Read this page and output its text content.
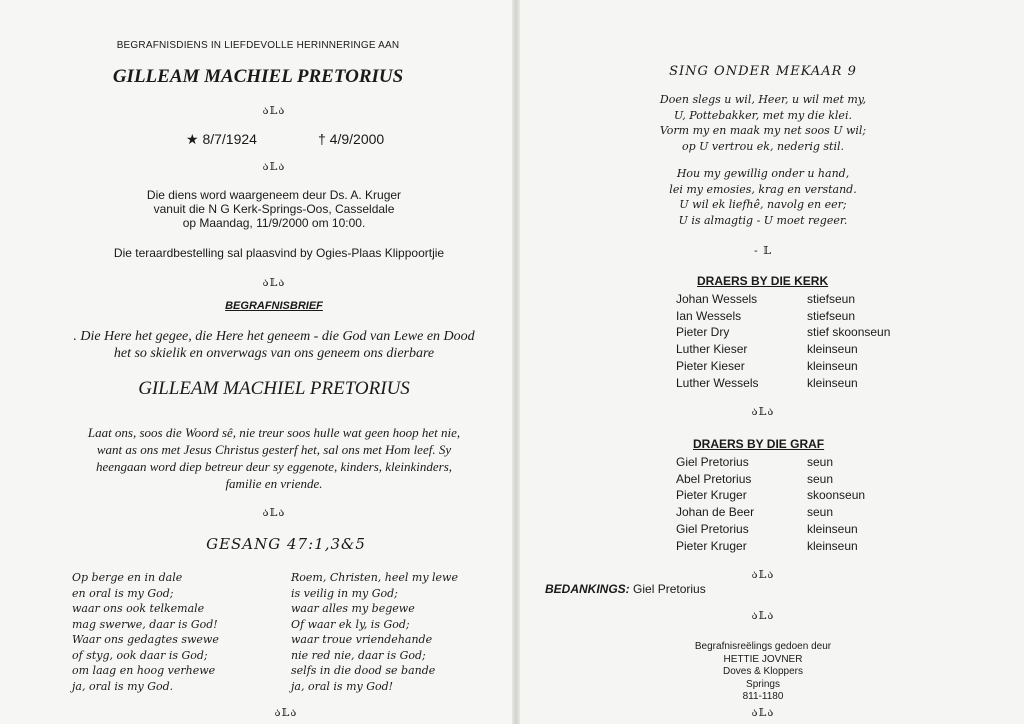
BEGRAFNISDIENS IN LIEFDEVOLLE HERINNERINGE AAN
GILLEAM MACHIEL PRETORIUS
ა𝕃ა
★ 8/7/1924	† 4/9/2000
ა𝕃ა
Die diens word waargeneem deur Ds. A. Kruger
vanuit die N G Kerk-Springs-Oos, Casseldale
op Maandag, 11/9/2000 om 10:00.
Die teraardbestelling sal plaasvind by Ogies-Plaas Klippoortjie
ა𝕃ა
BEGRAFNISBRIEF
. Die Here het gegee, die Here het geneem - die God van Lewe en Dood
het so skielik en onverwags van ons geneem ons dierbare
GILLEAM MACHIEL PRETORIUS
Laat ons, soos die Woord sê, nie treur soos hulle wat geen hoop het nie,
want as ons met Jesus Christus gesterf het, sal ons met Hom leef. Sy
heengaan word diep betreur deur sy eggenote, kinders, kleinkinders,
familie en vriende.
ა𝕃ა
GESANG 47:1,3&5
Op berge en in dale
en oral is my God;
waar ons ook telkemale
mag swerwe, daar is God!
Waar ons gedagtes swewe
of styg, ook daar is God;
om laag en hoog verhewe
ja, oral is my God.
Roem, Christen, heel my lewe
is veilig in my God;
waar alles my begewe
Of waar ek ly, is God;
waar troue vriendehande
nie red nie, daar is God;
selfs in die dood se bande
ja, oral is my God!
ა𝕃ა
SING ONDER MEKAAR 9
Doen slegs u wil, Heer, u wil met my,
U, Pottebakker, met my die klei.
Vorm my en maak my net soos U wil;
op U vertrou ek, nederig stil.
Hou my gewillig onder u hand,
lei my emosies, krag en verstand.
U wil ek liefhê, navolg en eer;
U is almagtig - U moet regeer.
- 𝕃
DRAERS BY DIE KERK
Johan Wessels	stiefseun
Ian Wessels	stiefseun
Pieter Dry	stief skoonseun
Luther Kieser	kleinseun
Pieter Kieser	kleinseun
Luther Wessels	kleinseun
ა𝕃ა
DRAERS BY DIE GRAF
Giel Pretorius	seun
Abel Pretorius	seun
Pieter Kruger	skoonseun
Johan de Beer	seun
Giel Pretorius	kleinseun
Pieter Kruger	kleinseun
ა𝕃ა
BEDANKINGS: Giel Pretorius
ა𝕃ა
Begrafnisreëlings gedoen deur
HETTIE JOVNER
Doves & Kloppers
Springs
811-1180
ა𝕃ა
